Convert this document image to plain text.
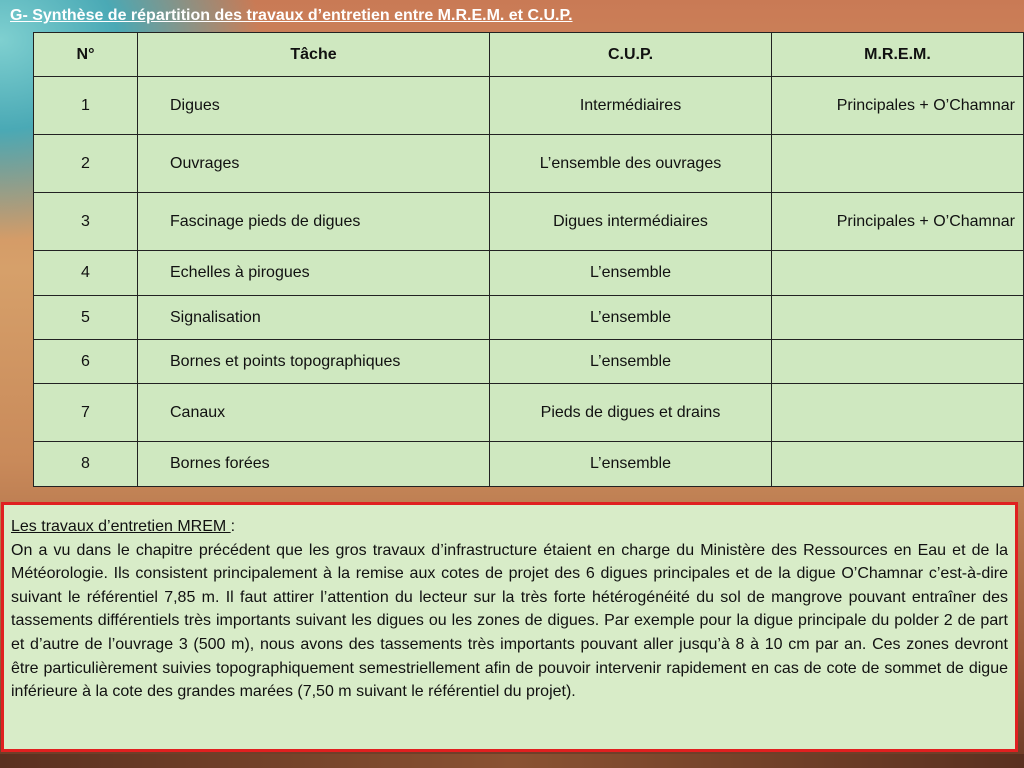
G- Synthèse de répartition des travaux d’entretien entre M.R.E.M. et C.U.P.
N°	Tâche	C.U.P.	M.R.E.M.
1	Digues	Intermédiaires	Principales + O’Chamnar
2	Ouvrages	L’ensemble des ouvrages	
3	Fascinage pieds de digues	Digues intermédiaires	Principales + O’Chamnar
4	Echelles à pirogues	L’ensemble	
5	Signalisation	L’ensemble	
6	Bornes et points topographiques	L’ensemble	
7	Canaux	Pieds de digues et drains	
8	Bornes forées	L’ensemble	
Les travaux d’entretien MREM :
On a vu dans le chapitre précédent que les gros travaux d’infrastructure étaient en charge du Ministère des Ressources en Eau et de la Météorologie. Ils consistent principalement à la remise aux cotes de projet des 6 digues principales et de la digue O’Chamnar c’est-à-dire suivant le référentiel 7,85 m. Il faut attirer l’attention du lecteur sur la très forte hétérogénéité du sol de mangrove pouvant entraîner des tassements différentiels très importants suivant les digues ou les zones de digues. Par exemple pour la digue principale du polder 2 de part et d’autre de l’ouvrage 3 (500 m), nous avons des tassements très importants pouvant aller jusqu’à 8 à 10 cm par an. Ces zones devront être particulièrement suivies topographiquement semestriellement afin de pouvoir intervenir rapidement en cas de cote de sommet de digue inférieure à la cote des grandes marées (7,50 m suivant le référentiel du projet).
